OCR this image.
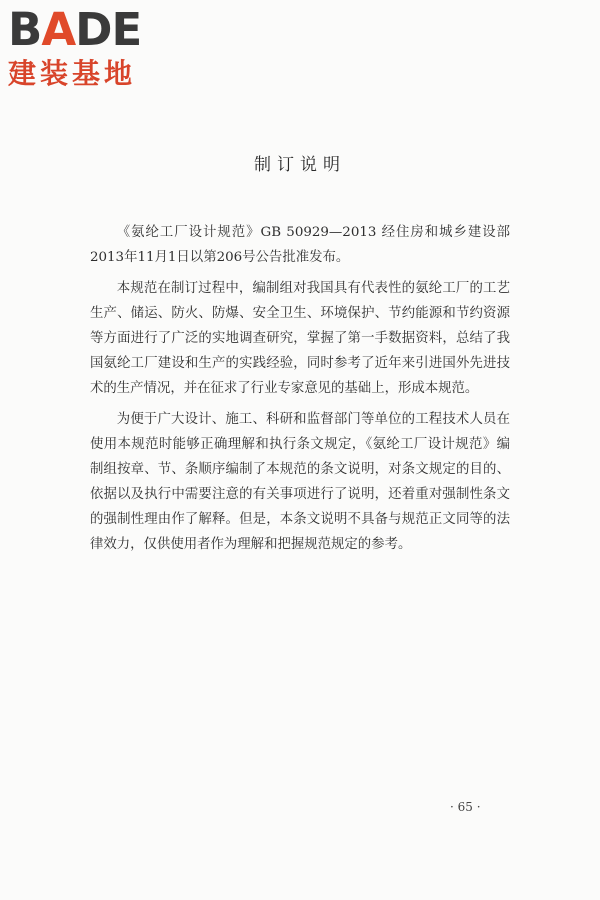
BADE
建装基地
制订说明

《氨纶工厂设计规范》GB 50929—2013 经住房和城乡建设部2013年11月1日以第206号公告批准发布。

本规范在制订过程中，编制组对我国具有代表性的氨纶工厂的工艺生产、储运、防火、防爆、安全卫生、环境保护、节约能源和节约资源等方面进行了广泛的实地调查研究，掌握了第一手数据资料，总结了我国氨纶工厂建设和生产的实践经验，同时参考了近年来引进国外先进技术的生产情况，并在征求了行业专家意见的基础上，形成本规范。

为便于广大设计、施工、科研和监督部门等单位的工程技术人员在使用本规范时能够正确理解和执行条文规定，《氨纶工厂设计规范》编制组按章、节、条顺序编制了本规范的条文说明，对条文规定的目的、依据以及执行中需要注意的有关事项进行了说明，还着重对强制性条文的强制性理由作了解释。但是，本条文说明不具备与规范正文同等的法律效力，仅供使用者作为理解和把握规范规定的参考。

· 65 ·
